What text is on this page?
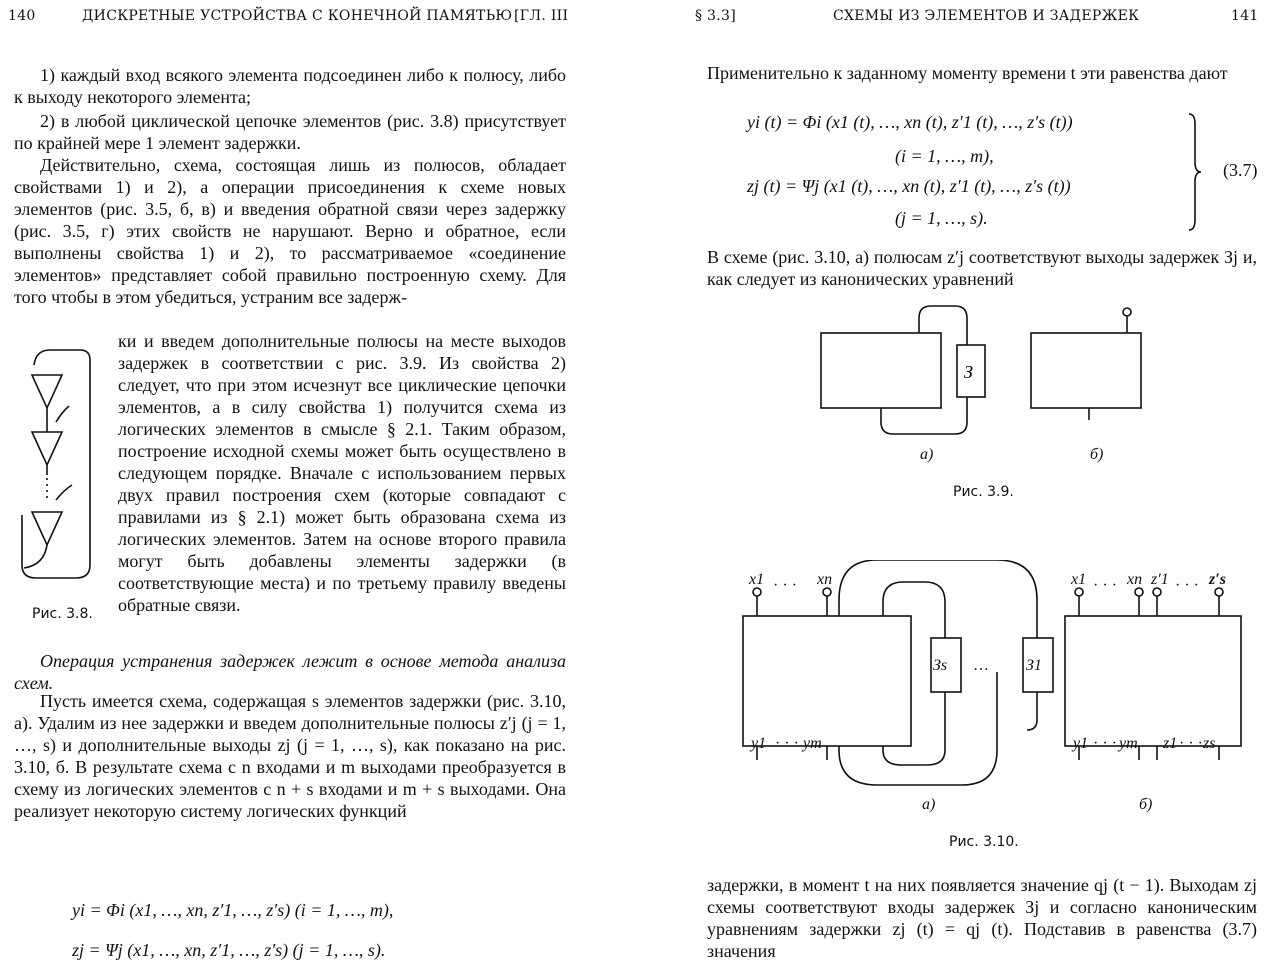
140	ДИСКРЕТНЫЕ УСТРОЙСТВА С КОНЕЧНОЙ ПАМЯТЬЮ [ГЛ. III
1) каждый вход всякого элемента подсоединен либо к полюсу, либо к выходу некоторого элемента;
2) в любой циклической цепочке элементов (рис. 3.8) присутствует по крайней мере 1 элемент задержки.
Действительно, схема, состоящая лишь из полюсов, обладает свойствами 1) и 2), а операции присоединения к схеме новых элементов (рис. 3.5, б, в) и введения обратной связи через задержку (рис. 3.5, г) этих свойств не нарушают. Верно и обратное, если выполнены свойства 1) и 2), то рассматриваемое «соединение элементов» представляет собой правильно построенную схему. Для того чтобы в этом убедиться, устраним все задерж-
ки и введем дополнительные полюсы на месте выходов задержек в соответствии с рис. 3.9. Из свойства 2) следует, что при этом исчезнут все циклические цепочки элементов, а в силу свойства 1) получится схема из логических элементов в смысле § 2.1. Таким образом, построение исходной схемы может быть осуществлено в следующем порядке. Вначале с использованием первых двух правил построения схем (которые совпадают с правилами из § 2.1) может быть образована схема из логических элементов. Затем на основе второго правила могут быть добавлены элементы задержки (в соответствующие места) и по третьему правилу введены обратные связи.
Рис. 3.8.
Операция устранения задержек лежит в основе метода анализа схем.
Пусть имеется схема, содержащая s элементов задержки (рис. 3.10, а). Удалим из нее задержки и введем дополнительные полюсы z′j (j = 1, …, s) и дополнительные выходы zj (j = 1, …, s), как показано на рис. 3.10, б. В результате схема с n входами и m выходами преобразуется в схему из логических элементов с n + s входами и m + s выходами. Она реализует некоторую систему логических функций
yi = Φi (x1, …, xn, z′1, …, z′s) (i = 1, …, m),
zj = Ψj (x1, …, xn, z′1, …, z′s) (j = 1, …, s).
§ 3.3]	СХЕМЫ ИЗ ЭЛЕМЕНТОВ И ЗАДЕРЖЕК	141
Применительно к заданному моменту времени t эти равенства дают
yi (t) = Φi (x1 (t), …, xn (t), z′1 (t), …, z′s (t))
(i = 1, …, m),
zj (t) = Ψj (x1 (t), …, xn (t), z′1 (t), …, z′s (t))
(j = 1, …, s).
(3.7)
В схеме (рис. 3.10, а) полюсам z′j соответствуют выходы задержек Зj и, как следует из канонических уравнений
З
а)	б)
Рис. 3.9.
x1 · · · xn
y1 · · · ym
Зs … З1
x1 · · · xn z′1 · · · z′s
y1 · · · ym z1 · · · zs
а)	б)
Рис. 3.10.
задержки, в момент t на них появляется значение qj (t − 1). Выходам zj схемы соответствуют входы задержек Зj и согласно каноническим уравнениям задержки zj (t) = qj (t). Подставив в равенства (3.7) значения
